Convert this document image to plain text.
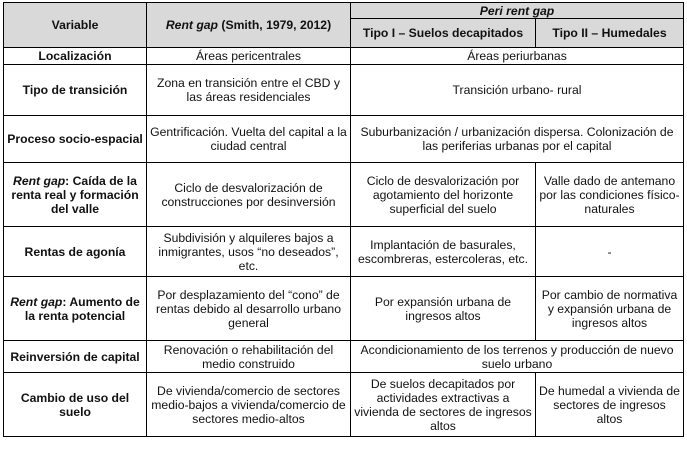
Variable	Rent gap (Smith, 1979, 2012)	Peri rent gap	
		Tipo I – Suelos decapitados	Tipo II – Humedales
Localización	Áreas pericentrales	Áreas periurbanas	
Tipo de transición	Zona en transición entre el CBD y las áreas residenciales	Transición urbano- rural	
Proceso socio-espacial	Gentrificación. Vuelta del capital a la ciudad central	Suburbanización / urbanización dispersa. Colonización de las periferias urbanas por el capital	
Rent gap: Caída de la renta real y formación del valle	Ciclo de desvalorización de construcciones por desinversión	Ciclo de desvalorización por agotamiento del horizonte superficial del suelo	Valle dado de antemano por las condiciones físico-naturales
Rentas de agonía	Subdivisión y alquileres bajos a inmigrantes, usos “no deseados”, etc.	Implantación de basurales, escombreras, estercoleras, etc.	-
Rent gap: Aumento de la renta potencial	Por desplazamiento del “cono” de rentas debido al desarrollo urbano general	Por expansión urbana de ingresos altos	Por cambio de normativa y expansión urbana de ingresos altos
Reinversión de capital	Renovación o rehabilitación del medio construido	Acondicionamiento de los terrenos y producción de nuevo suelo urbano	
Cambio de uso del suelo	De vivienda/comercio de sectores medio-bajos a vivienda/comercio de sectores medio-altos	De suelos decapitados por actividades extractivas a vivienda de sectores de ingresos altos	De humedal a vivienda de sectores de ingresos altos
